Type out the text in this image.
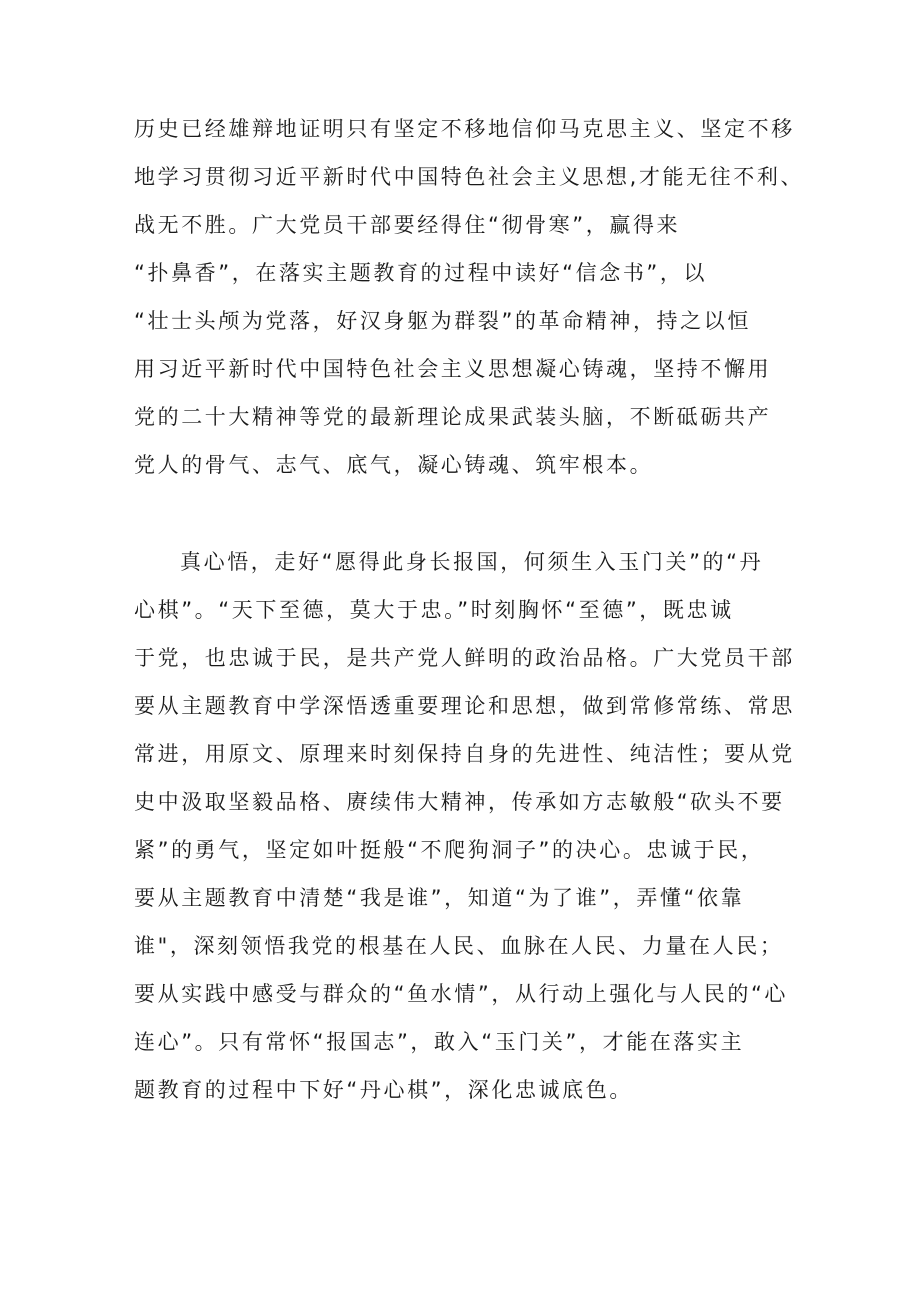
历史已经雄辩地证明只有坚定不移地信仰马克思主义、坚定不移
地学习贯彻习近平新时代中国特色社会主义思想,才能无往不利、
战无不胜。广大党员干部要经得住“彻骨寒”，赢得来
“扑鼻香”，在落实主题教育的过程中读好“信念书”，以
“壮士头颅为党落，好汉身躯为群裂”的革命精神，持之以恒
用习近平新时代中国特色社会主义思想凝心铸魂，坚持不懈用
党的二十大精神等党的最新理论成果武装头脑，不断砥砺共产
党人的骨气、志气、底气，凝心铸魂、筑牢根本。
真心悟，走好“愿得此身长报国，何须生入玉门关”的“丹
心棋”。“天下至德，莫大于忠。”时刻胸怀“至德”，既忠诚
于党，也忠诚于民，是共产党人鲜明的政治品格。广大党员干部
要从主题教育中学深悟透重要理论和思想，做到常修常练、常思
常进，用原文、原理来时刻保持自身的先进性、纯洁性；要从党
史中汲取坚毅品格、赓续伟大精神，传承如方志敏般“砍头不要
紧”的勇气，坚定如叶挺般“不爬狗洞子”的决心。忠诚于民，
要从主题教育中清楚“我是谁”，知道“为了谁”，弄懂“依靠
谁"，深刻领悟我党的根基在人民、血脉在人民、力量在人民；
要从实践中感受与群众的“鱼水情”，从行动上强化与人民的“心
连心”。只有常怀“报国志”，敢入“玉门关”，才能在落实主
题教育的过程中下好“丹心棋”，深化忠诚底色。
